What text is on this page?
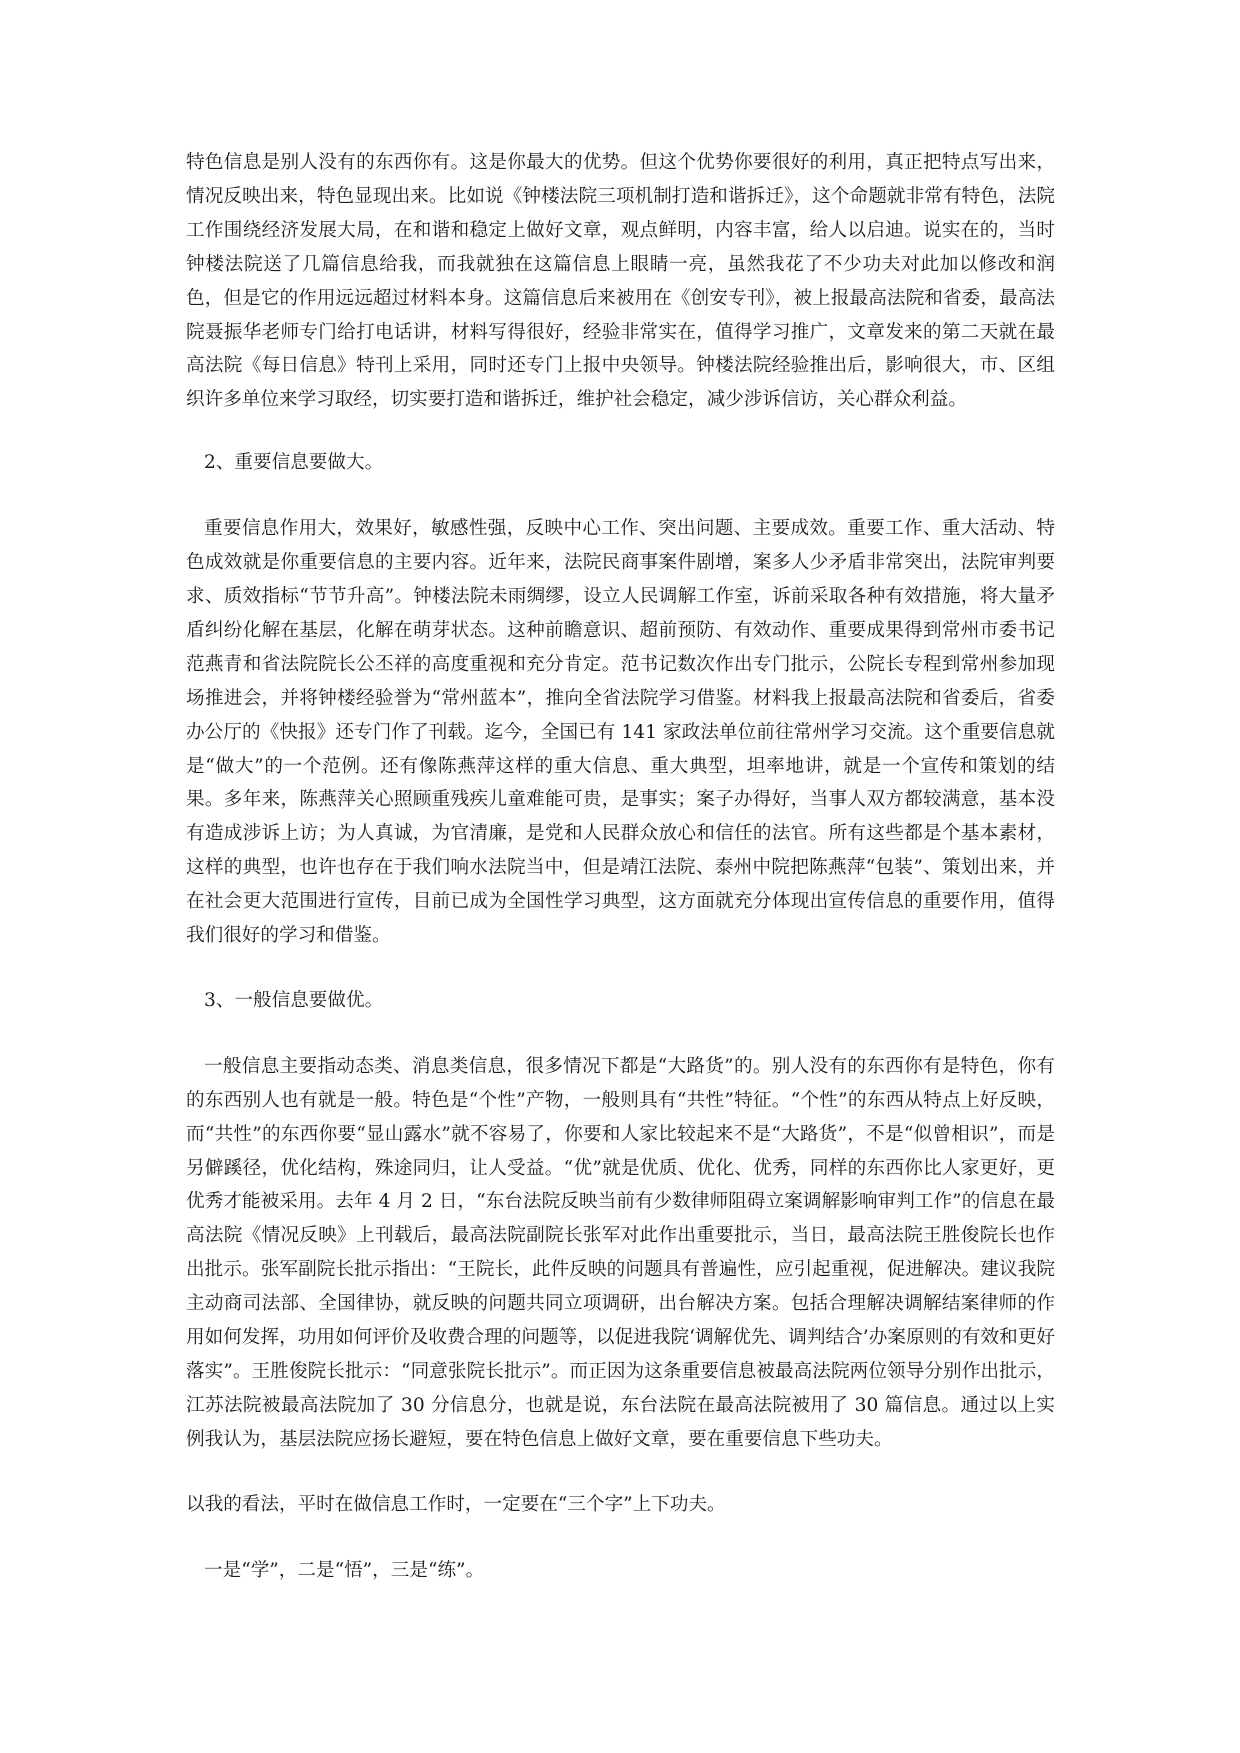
特色信息是别人没有的东西你有。这是你最大的优势。但这个优势你要很好的利用，真正把特点写出来，情况反映出来，特色显现出来。比如说《钟楼法院三项机制打造和谐拆迁》，这个命题就非常有特色，法院工作围绕经济发展大局，在和谐和稳定上做好文章，观点鲜明，内容丰富，给人以启迪。说实在的，当时钟楼法院送了几篇信息给我，而我就独在这篇信息上眼睛一亮，虽然我花了不少功夫对此加以修改和润色，但是它的作用远远超过材料本身。这篇信息后来被用在《创安专刊》，被上报最高法院和省委，最高法院聂振华老师专门给打电话讲，材料写得很好，经验非常实在，值得学习推广，文章发来的第二天就在最高法院《每日信息》特刊上采用，同时还专门上报中央领导。钟楼法院经验推出后，影响很大，市、区组织许多单位来学习取经，切实要打造和谐拆迁，维护社会稳定，减少涉诉信访，关心群众利益。

2、重要信息要做大。

重要信息作用大，效果好，敏感性强，反映中心工作、突出问题、主要成效。重要工作、重大活动、特色成效就是你重要信息的主要内容。近年来，法院民商事案件剧增，案多人少矛盾非常突出，法院审判要求、质效指标“节节升高”。钟楼法院未雨绸缪，设立人民调解工作室，诉前采取各种有效措施，将大量矛盾纠纷化解在基层，化解在萌芽状态。这种前瞻意识、超前预防、有效动作、重要成果得到常州市委书记范燕青和省法院院长公丕祥的高度重视和充分肯定。范书记数次作出专门批示，公院长专程到常州参加现场推进会，并将钟楼经验誉为“常州蓝本”，推向全省法院学习借鉴。材料我上报最高法院和省委后，省委办公厅的《快报》还专门作了刊载。迄今，全国已有 141 家政法单位前往常州学习交流。这个重要信息就是“做大”的一个范例。还有像陈燕萍这样的重大信息、重大典型，坦率地讲，就是一个宣传和策划的结果。多年来，陈燕萍关心照顾重残疾儿童难能可贵，是事实；案子办得好，当事人双方都较满意，基本没有造成涉诉上访；为人真诚，为官清廉，是党和人民群众放心和信任的法官。所有这些都是个基本素材，这样的典型，也许也存在于我们响水法院当中，但是靖江法院、泰州中院把陈燕萍“包装”、策划出来，并在社会更大范围进行宣传，目前已成为全国性学习典型，这方面就充分体现出宣传信息的重要作用，值得我们很好的学习和借鉴。

3、一般信息要做优。

一般信息主要指动态类、消息类信息，很多情况下都是“大路货”的。别人没有的东西你有是特色，你有的东西别人也有就是一般。特色是“个性”产物，一般则具有“共性”特征。“个性”的东西从特点上好反映，而“共性”的东西你要“显山露水”就不容易了，你要和人家比较起来不是“大路货”，不是“似曾相识”，而是另僻蹊径，优化结构，殊途同归，让人受益。“优”就是优质、优化、优秀，同样的东西你比人家更好，更优秀才能被采用。去年 4 月 2 日，“东台法院反映当前有少数律师阻碍立案调解影响审判工作”的信息在最高法院《情况反映》上刊载后，最高法院副院长张军对此作出重要批示，当日，最高法院王胜俊院长也作出批示。张军副院长批示指出：“王院长，此件反映的问题具有普遍性，应引起重视，促进解决。建议我院主动商司法部、全国律协，就反映的问题共同立项调研，出台解决方案。包括合理解决调解结案律师的作用如何发挥，功用如何评价及收费合理的问题等，以促进我院‘调解优先、调判结合’办案原则的有效和更好落实”。王胜俊院长批示：“同意张院长批示”。而正因为这条重要信息被最高法院两位领导分别作出批示，江苏法院被最高法院加了 30 分信息分，也就是说，东台法院在最高法院被用了 30 篇信息。通过以上实例我认为，基层法院应扬长避短，要在特色信息上做好文章，要在重要信息下些功夫。

以我的看法，平时在做信息工作时，一定要在“三个字”上下功夫。

一是“学”，二是“悟”，三是“练”。
